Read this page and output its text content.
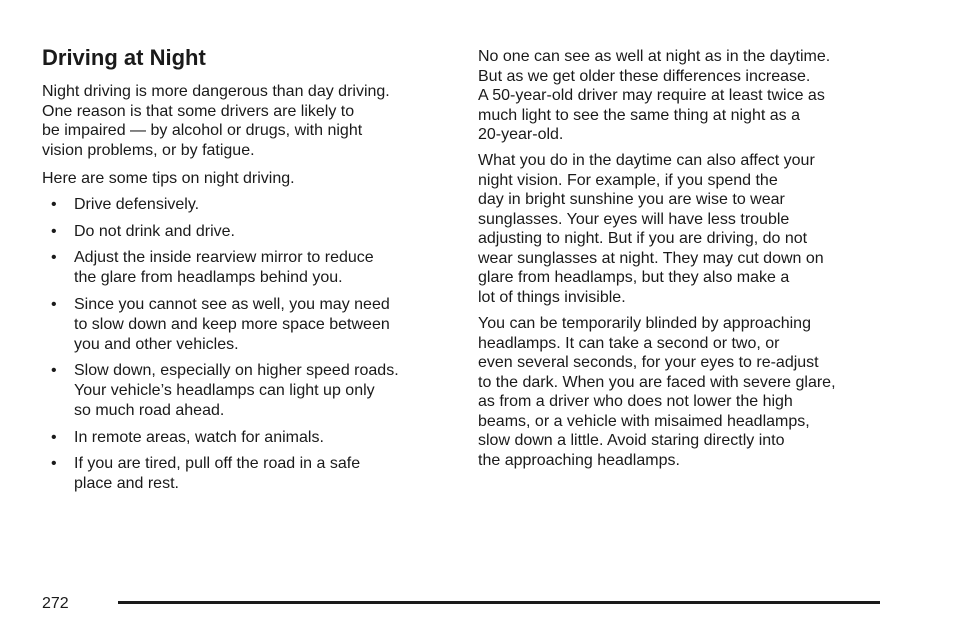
Driving at Night

Night driving is more dangerous than day driving.
One reason is that some drivers are likely to
be impaired — by alcohol or drugs, with night
vision problems, or by fatigue.

Here are some tips on night driving.

• Drive defensively.
• Do not drink and drive.
• Adjust the inside rearview mirror to reduce
the glare from headlamps behind you.
• Since you cannot see as well, you may need
to slow down and keep more space between
you and other vehicles.
• Slow down, especially on higher speed roads.
Your vehicle’s headlamps can light up only
so much road ahead.
• In remote areas, watch for animals.
• If you are tired, pull off the road in a safe
place and rest.

No one can see as well at night as in the daytime.
But as we get older these differences increase.
A 50-year-old driver may require at least twice as
much light to see the same thing at night as a
20-year-old.

What you do in the daytime can also affect your
night vision. For example, if you spend the
day in bright sunshine you are wise to wear
sunglasses. Your eyes will have less trouble
adjusting to night. But if you are driving, do not
wear sunglasses at night. They may cut down on
glare from headlamps, but they also make a
lot of things invisible.

You can be temporarily blinded by approaching
headlamps. It can take a second or two, or
even several seconds, for your eyes to re-adjust
to the dark. When you are faced with severe glare,
as from a driver who does not lower the high
beams, or a vehicle with misaimed headlamps,
slow down a little. Avoid staring directly into
the approaching headlamps.

272
